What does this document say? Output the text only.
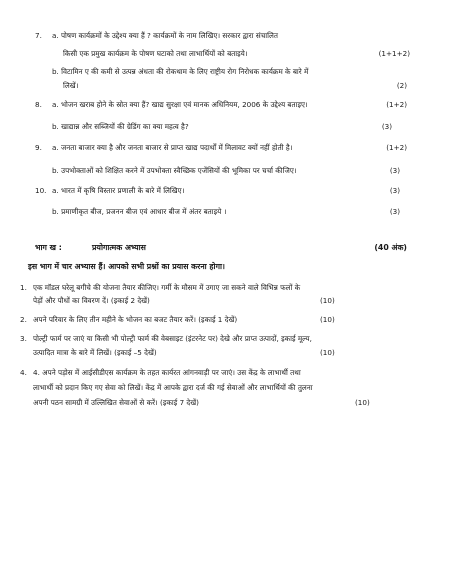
7. a. पोषण कार्यक्रमों के उद्देश्य क्या हैं ? कार्यक्रमों के नाम लिखिए। सरकार द्वारा संचालित
किसी एक प्रमुख कार्यक्रम के पोषण घटाको तथा लाभार्थियों को बताइये।	(1+1+2)
b. विटामिन ए की कमी से उत्पन्न अंधता की रोकथाम के लिए राष्ट्रीय रोग निरोधक कार्यक्रम के बारे में
लिखें।	(2)
8. a. भोजन खराब होने के स्रोत क्या हैं? खाद्य सुरक्षा एवं मानक अधिनियम, 2006 के उद्देश्य बताइए।	(1+2)
b. खाद्यान्न और सब्जियों की ग्रेडिंग का क्या महत्व है?	(3)
9. a. जनता बाजार क्या है और जनता बाजार से प्राप्त खाद्य पदार्थों में मिलावट क्यों नहीं होती है।	(1+2)
b. उपभोक्ताओं को शिक्षित करने में उपभोक्ता स्वैच्छिक एजेंसियों की भूमिका पर चर्चा कीजिए।	(3)
10. a. भारत में कृषि विस्तार प्रणाली के बारे में लिखिए।	(3)
b. प्रमाणीकृत बीज, प्रजनन बीज एवं आधार बीज में अंतर बताइये ।	(3)
भाग ख :	प्रयोगात्मक अभ्यास	(40 अंक)
इस भाग में चार अभ्यास हैं। आपको सभी प्रश्नों का प्रयास करना होगा।
1. एक मॉडल घरेलू बगीचे की योजना तैयार कीजिए। गर्मी के मौसम में उगाए जा सकने वाले विभिन्न फलों के
पेड़ों और पौधों का विवरण दें। (इकाई 2 देखें)	(10)
2. अपने परिवार के लिए तीन महीने के भोजन का बजट तैयार करें। (इकाई 1 देखें)	(10)
3. पोल्ट्री फार्म पर जाएं या किसी भी पोल्ट्री फार्म की वेबसाइट (इंटरनेट पर) देखे और प्राप्त उत्पादों, इकाई मूल्य,
उत्पादित मात्रा के बारे में लिखें। (इकाई –5 देखें)	(10)
4. 4. अपने पड़ोस में आईसीडीएस कार्यक्रम के तहत कार्यरत आंगनवाड़ी पर जाएं। उस केंद्र के लाभार्थी तथा
लाभार्थी को प्रदान किए गए सेवा को लिखें। केंद्र में आपके द्वारा दर्ज की गई सेवाओं और लाभार्थियों की तुलना
अपनी पठन सामग्री में उल्लिखित सेवाओं से करें। (इकाई 7 देखें)	(10)
